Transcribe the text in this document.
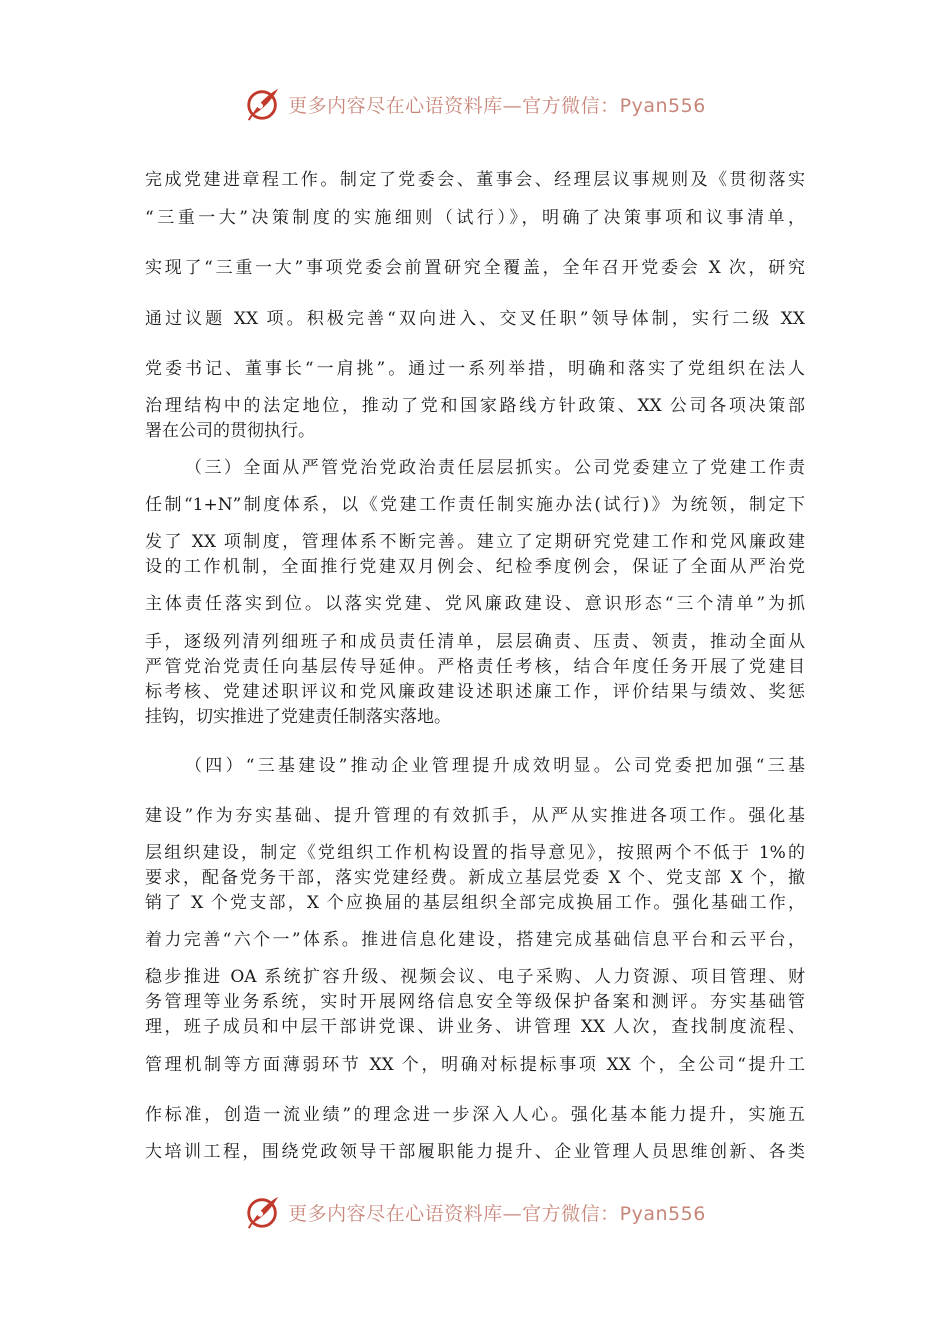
更多内容尽在心语资料库—官方微信：Pyan556
完成党建进章程工作。制定了党委会、董事会、经理层议事规则及《贯彻落实
“三重一大”决策制度的实施细则（试行）》，明确了决策事项和议事清单，
实现了“三重一大”事项党委会前置研究全覆盖，全年召开党委会 X 次，研究
通过议题 XX 项。积极完善“双向进入、交叉任职”领导体制，实行二级 XX
党委书记、董事长“一肩挑”。通过一系列举措，明确和落实了党组织在法人
治理结构中的法定地位，推动了党和国家路线方针政策、XX 公司各项决策部
署在公司的贯彻执行。
（三）全面从严管党治党政治责任层层抓实。公司党委建立了党建工作责
任制“1+N”制度体系，以《党建工作责任制实施办法(试行)》为统领，制定下
发了 XX 项制度，管理体系不断完善。建立了定期研究党建工作和党风廉政建
设的工作机制，全面推行党建双月例会、纪检季度例会，保证了全面从严治党
主体责任落实到位。以落实党建、党风廉政建设、意识形态“三个清单”为抓
手，逐级列清列细班子和成员责任清单，层层确责、压责、领责，推动全面从
严管党治党责任向基层传导延伸。严格责任考核，结合年度任务开展了党建目
标考核、党建述职评议和党风廉政建设述职述廉工作，评价结果与绩效、奖惩
挂钩，切实推进了党建责任制落实落地。
（四）“三基建设”推动企业管理提升成效明显。公司党委把加强“三基
建设”作为夯实基础、提升管理的有效抓手，从严从实推进各项工作。强化基
层组织建设，制定《党组织工作机构设置的指导意见》，按照两个不低于 1%的
要求，配备党务干部，落实党建经费。新成立基层党委 X 个、党支部 X 个，撤
销了 X 个党支部，X 个应换届的基层组织全部完成换届工作。强化基础工作，
着力完善“六个一”体系。推进信息化建设，搭建完成基础信息平台和云平台，
稳步推进 OA 系统扩容升级、视频会议、电子采购、人力资源、项目管理、财
务管理等业务系统，实时开展网络信息安全等级保护备案和测评。夯实基础管
理，班子成员和中层干部讲党课、讲业务、讲管理 XX 人次，查找制度流程、
管理机制等方面薄弱环节 XX 个，明确对标提标事项 XX 个，全公司“提升工
作标准，创造一流业绩”的理念进一步深入人心。强化基本能力提升，实施五
大培训工程，围绕党政领导干部履职能力提升、企业管理人员思维创新、各类
更多内容尽在心语资料库—官方微信：Pyan556
